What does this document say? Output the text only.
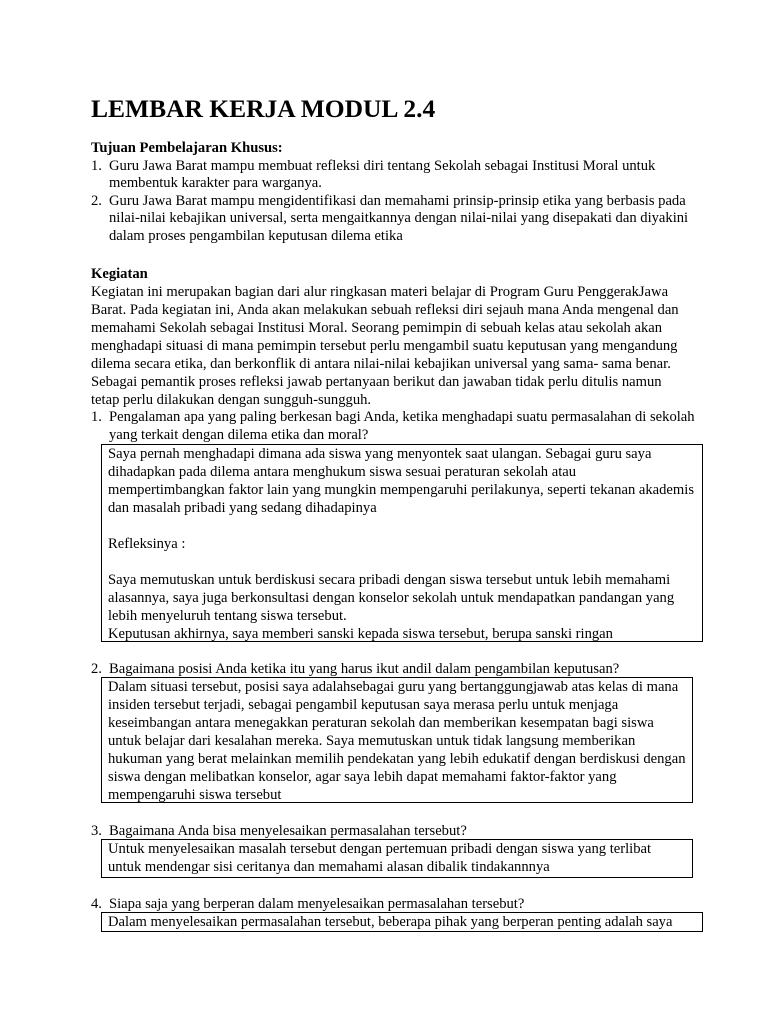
LEMBAR KERJA MODUL 2.4
Tujuan Pembelajaran Khusus:
1. Guru Jawa Barat mampu membuat refleksi diri tentang Sekolah sebagai Institusi Moral untuk membentuk karakter para warganya.
2. Guru Jawa Barat mampu mengidentifikasi dan memahami prinsip-prinsip etika yang berbasis pada nilai-nilai kebajikan universal, serta mengaitkannya dengan nilai-nilai yang disepakati dan diyakini dalam proses pengambilan keputusan dilema etika
Kegiatan

Kegiatan ini merupakan bagian dari alur ringkasan materi belajar di Program Guru PenggerakJawa Barat. Pada kegiatan ini, Anda akan melakukan sebuah refleksi diri sejauh mana Anda mengenal dan memahami Sekolah sebagai Institusi Moral. Seorang pemimpin di sebuah kelas atau sekolah akan menghadapi situasi di mana pemimpin tersebut perlu mengambil suatu keputusan yang mengandung dilema secara etika, dan berkonflik di antara nilai-nilai kebajikan universal yang sama- sama benar. Sebagai pemantik proses refleksi jawab pertanyaan berikut dan jawaban tidak perlu ditulis namun tetap perlu dilakukan dengan sungguh-sungguh.

1. Pengalaman apa yang paling berkesan bagi Anda, ketika menghadapi suatu permasalahan di sekolah yang terkait dengan dilema etika dan moral?

Saya pernah menghadapi dimana ada siswa yang menyontek saat ulangan. Sebagai guru saya dihadapkan pada dilema antara menghukum siswa sesuai peraturan sekolah atau mempertimbangkan faktor lain yang mungkin mempengaruhi perilakunya, seperti tekanan akademis dan masalah pribadi yang sedang dihadapinya

Refleksinya :

Saya memutuskan untuk berdiskusi secara pribadi dengan siswa tersebut untuk lebih memahami alasannya, saya juga berkonsultasi dengan konselor sekolah untuk mendapatkan pandangan yang lebih menyeluruh tentang siswa tersebut.

Keputusan akhirnya, saya memberi sanski kepada siswa tersebut, berupa sanski ringan

2. Bagaimana posisi Anda ketika itu yang harus ikut andil dalam pengambilan keputusan?

Dalam situasi tersebut, posisi saya adalahsebagai guru yang bertanggungjawab atas kelas di mana insiden tersebut terjadi, sebagai pengambil keputusan saya merasa perlu untuk menjaga keseimbangan antara menegakkan peraturan sekolah dan memberikan kesempatan bagi siswa untuk belajar dari kesalahan mereka. Saya memutuskan untuk tidak langsung memberikan hukuman yang berat melainkan memilih pendekatan yang lebih edukatif dengan berdiskusi dengan siswa dengan melibatkan konselor, agar saya lebih dapat memahami faktor-faktor yang mempengaruhi siswa tersebut

3. Bagaimana Anda bisa menyelesaikan permasalahan tersebut?

Untuk menyelesaikan masalah tersebut dengan pertemuan pribadi dengan siswa yang terlibat untuk mendengar sisi ceritanya dan memahami alasan dibalik tindakannnya

4. Siapa saja yang berperan dalam menyelesaikan permasalahan tersebut?

Dalam menyelesaikan permasalahan tersebut, beberapa pihak yang berperan penting adalah saya
